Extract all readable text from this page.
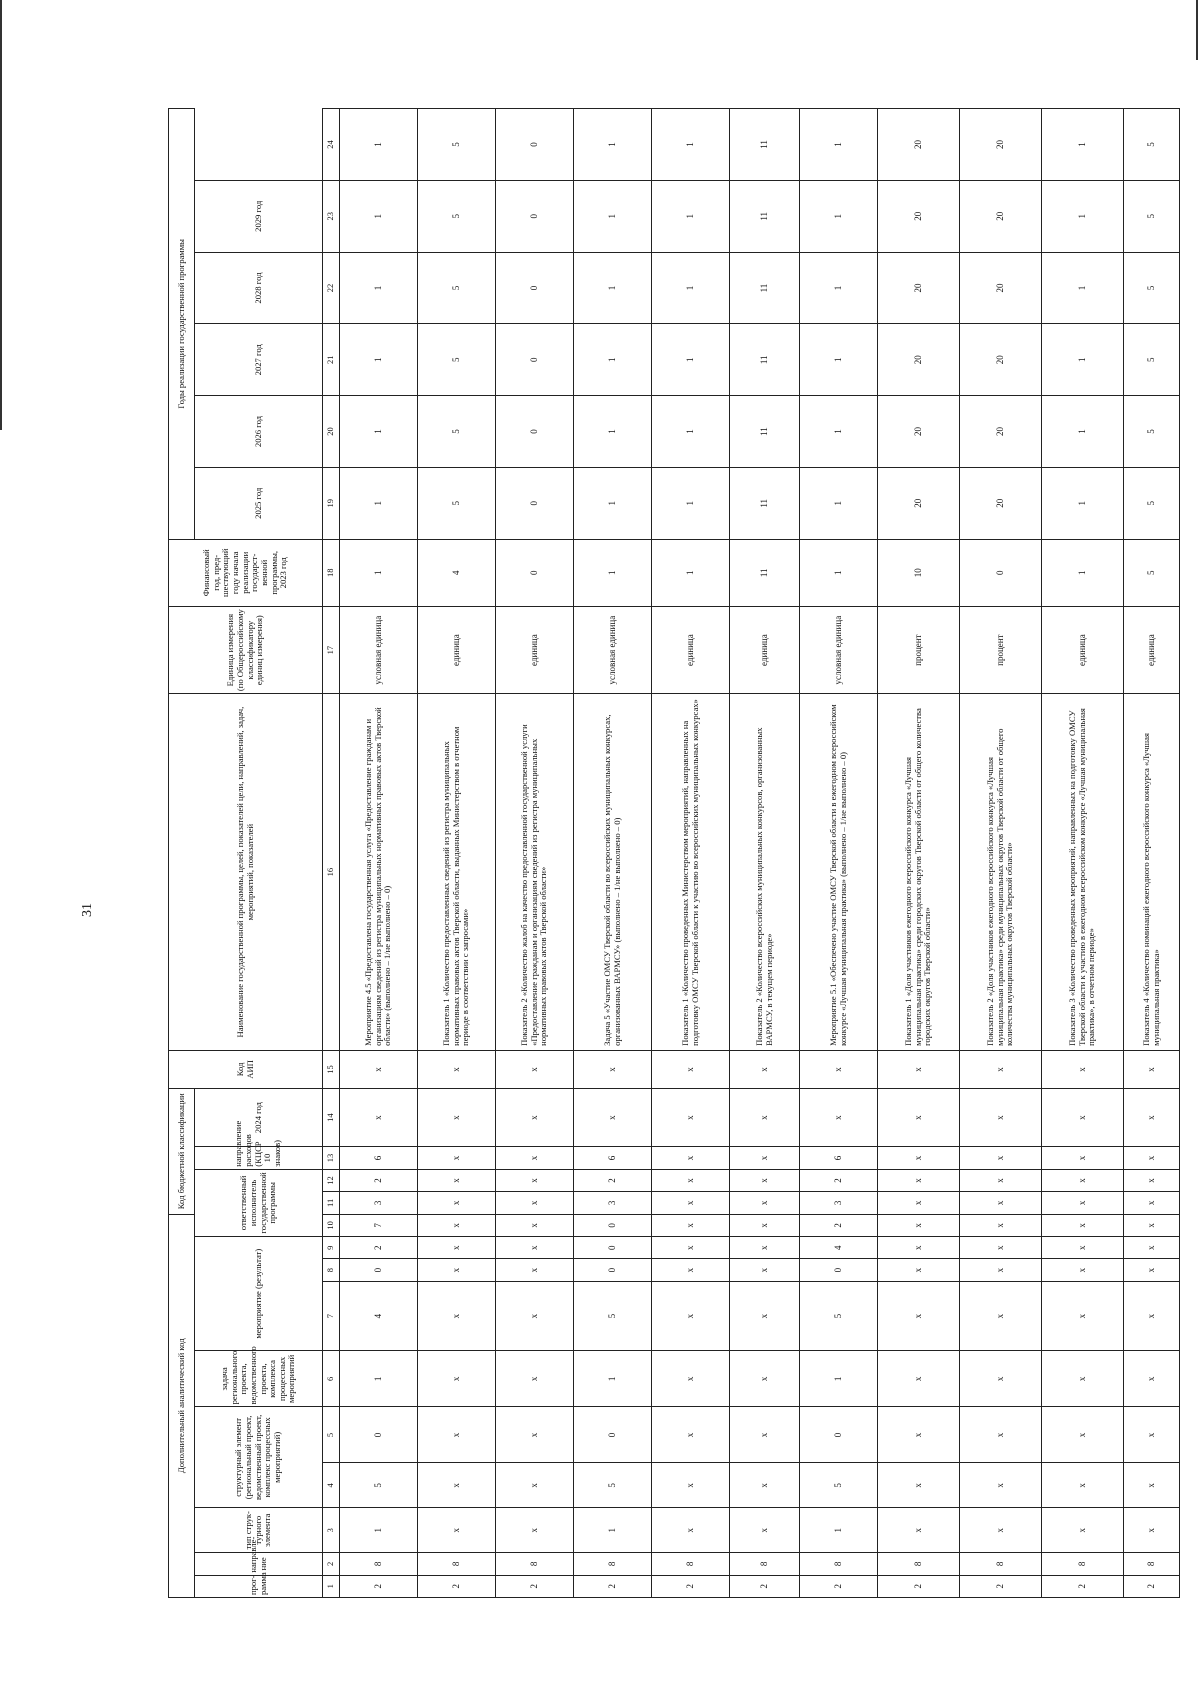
31
Дополнительный аналитический код										Код бюджетной классификации				Код АИП	Наименование государственной программы, целей, показателей цели, направлений, задач, мероприятий, показателей	Единица измерения (по Общероссийскому классификатору единиц измерения)	Финансовый год, пред-шествующий году начала реализации государст-венной программы, 2023 год	Годы реализации государственной программы					
прог-рамма	направле-ние	тип струк-турного элемента	структурный элемент (региональный проект, ведомственный проект, комплекс процессных мероприятий)		задача регионального проекта, ведомственного проекта, комплекса процессных мероприятий	мероприятие (результат)			ответственный исполнитель государственной программы			направление расходов (КЦСР 10 знаков)	2024 год					2025 год	2026 год	2027 год	2028 год	2029 год	
1	2	3	4	5	6	7	8	9	10	11	12	13	14	15	16	17	18	19	20	21	22	23	24
2	8	1	5	0	1	4	0	2	7	3	2	6	x	x	Мероприятие 4.5 «Предоставлена государственная услуга «Предоставление гражданам и организациям сведений из регистра муниципальных нормативных правовых актов Тверской области» (выполнено – 1/не выполнено – 0)	условная единица	1	1	1	1	1	1	1
2	8	x	x	x	x	x	x	x	x	x	x	x	x	x	Показатель 1 «Количество предоставленных сведений из регистра муниципальных нормативных правовых актов Тверской области, выданных Министерством в отчетном периоде в соответствии с запросами»	единица	4	5	5	5	5	5	5
2	8	x	x	x	x	x	x	x	x	x	x	x	x	x	Показатель 2 «Количество жалоб на качество предоставленной государственной услуги «Предоставление гражданам и организациям сведений из регистра муниципальных нормативных правовых актов Тверской области»	единица	0	0	0	0	0	0	0
2	8	1	5	0	1	5	0	0	0	3	2	6	x	x	Задача 5 «Участие ОМСУ Тверской области во всероссийских муниципальных конкурсах, организованных ВАРМСУ» (выполнено – 1/не выполнено – 0)	условная единица	1	1	1	1	1	1	1
2	8	x	x	x	x	x	x	x	x	x	x	x	x	x	Показатель 1 «Количество проведенных Министерством мероприятий, направленных на подготовку ОМСУ Тверской области к участию во всероссийских муниципальных конкурсах»	единица	1	1	1	1	1	1	1
2	8	x	x	x	x	x	x	x	x	x	x	x	x	x	Показатель 2 «Количество всероссийских муниципальных конкурсов, организованных ВАРМСУ, в текущем периоде»	единица	11	11	11	11	11	11	11
2	8	1	5	0	1	5	0	4	2	3	2	6	x	x	Мероприятие 5.1 «Обеспечено участие ОМСУ Тверской области в ежегодном всероссийском конкурсе «Лучшая муниципальная практика» (выполнено – 1/не выполнено – 0)	условная единица	1	1	1	1	1	1	1
2	8	x	x	x	x	x	x	x	x	x	x	x	x	x	Показатель 1 «Доля участников ежегодного всероссийского конкурса «Лучшая муниципальная практика» среди городских округов Тверской области от общего количества городских округов Тверской области»	процент	10	20	20	20	20	20	20
2	8	x	x	x	x	x	x	x	x	x	x	x	x	x	Показатель 2 «Доля участников ежегодного всероссийского конкурса «Лучшая муниципальная практика» среди муниципальных округов Тверской области от общего количества муниципальных округов Тверской области»	процент	0	20	20	20	20	20	20
2	8	x	x	x	x	x	x	x	x	x	x	x	x	x	Показатель 3 «Количество проведенных мероприятий, направленных на подготовку ОМСУ Тверской области к участию в ежегодном всероссийском конкурсе «Лучшая муниципальная практика», в отчетном периоде»	единица	1	1	1	1	1	1	1
2	8	x	x	x	x	x	x	x	x	x	x	x	x	x	Показатель 4 «Количество номинаций ежегодного всероссийского конкурса «Лучшая муниципальная практика»	единица	5	5	5	5	5	5	5
